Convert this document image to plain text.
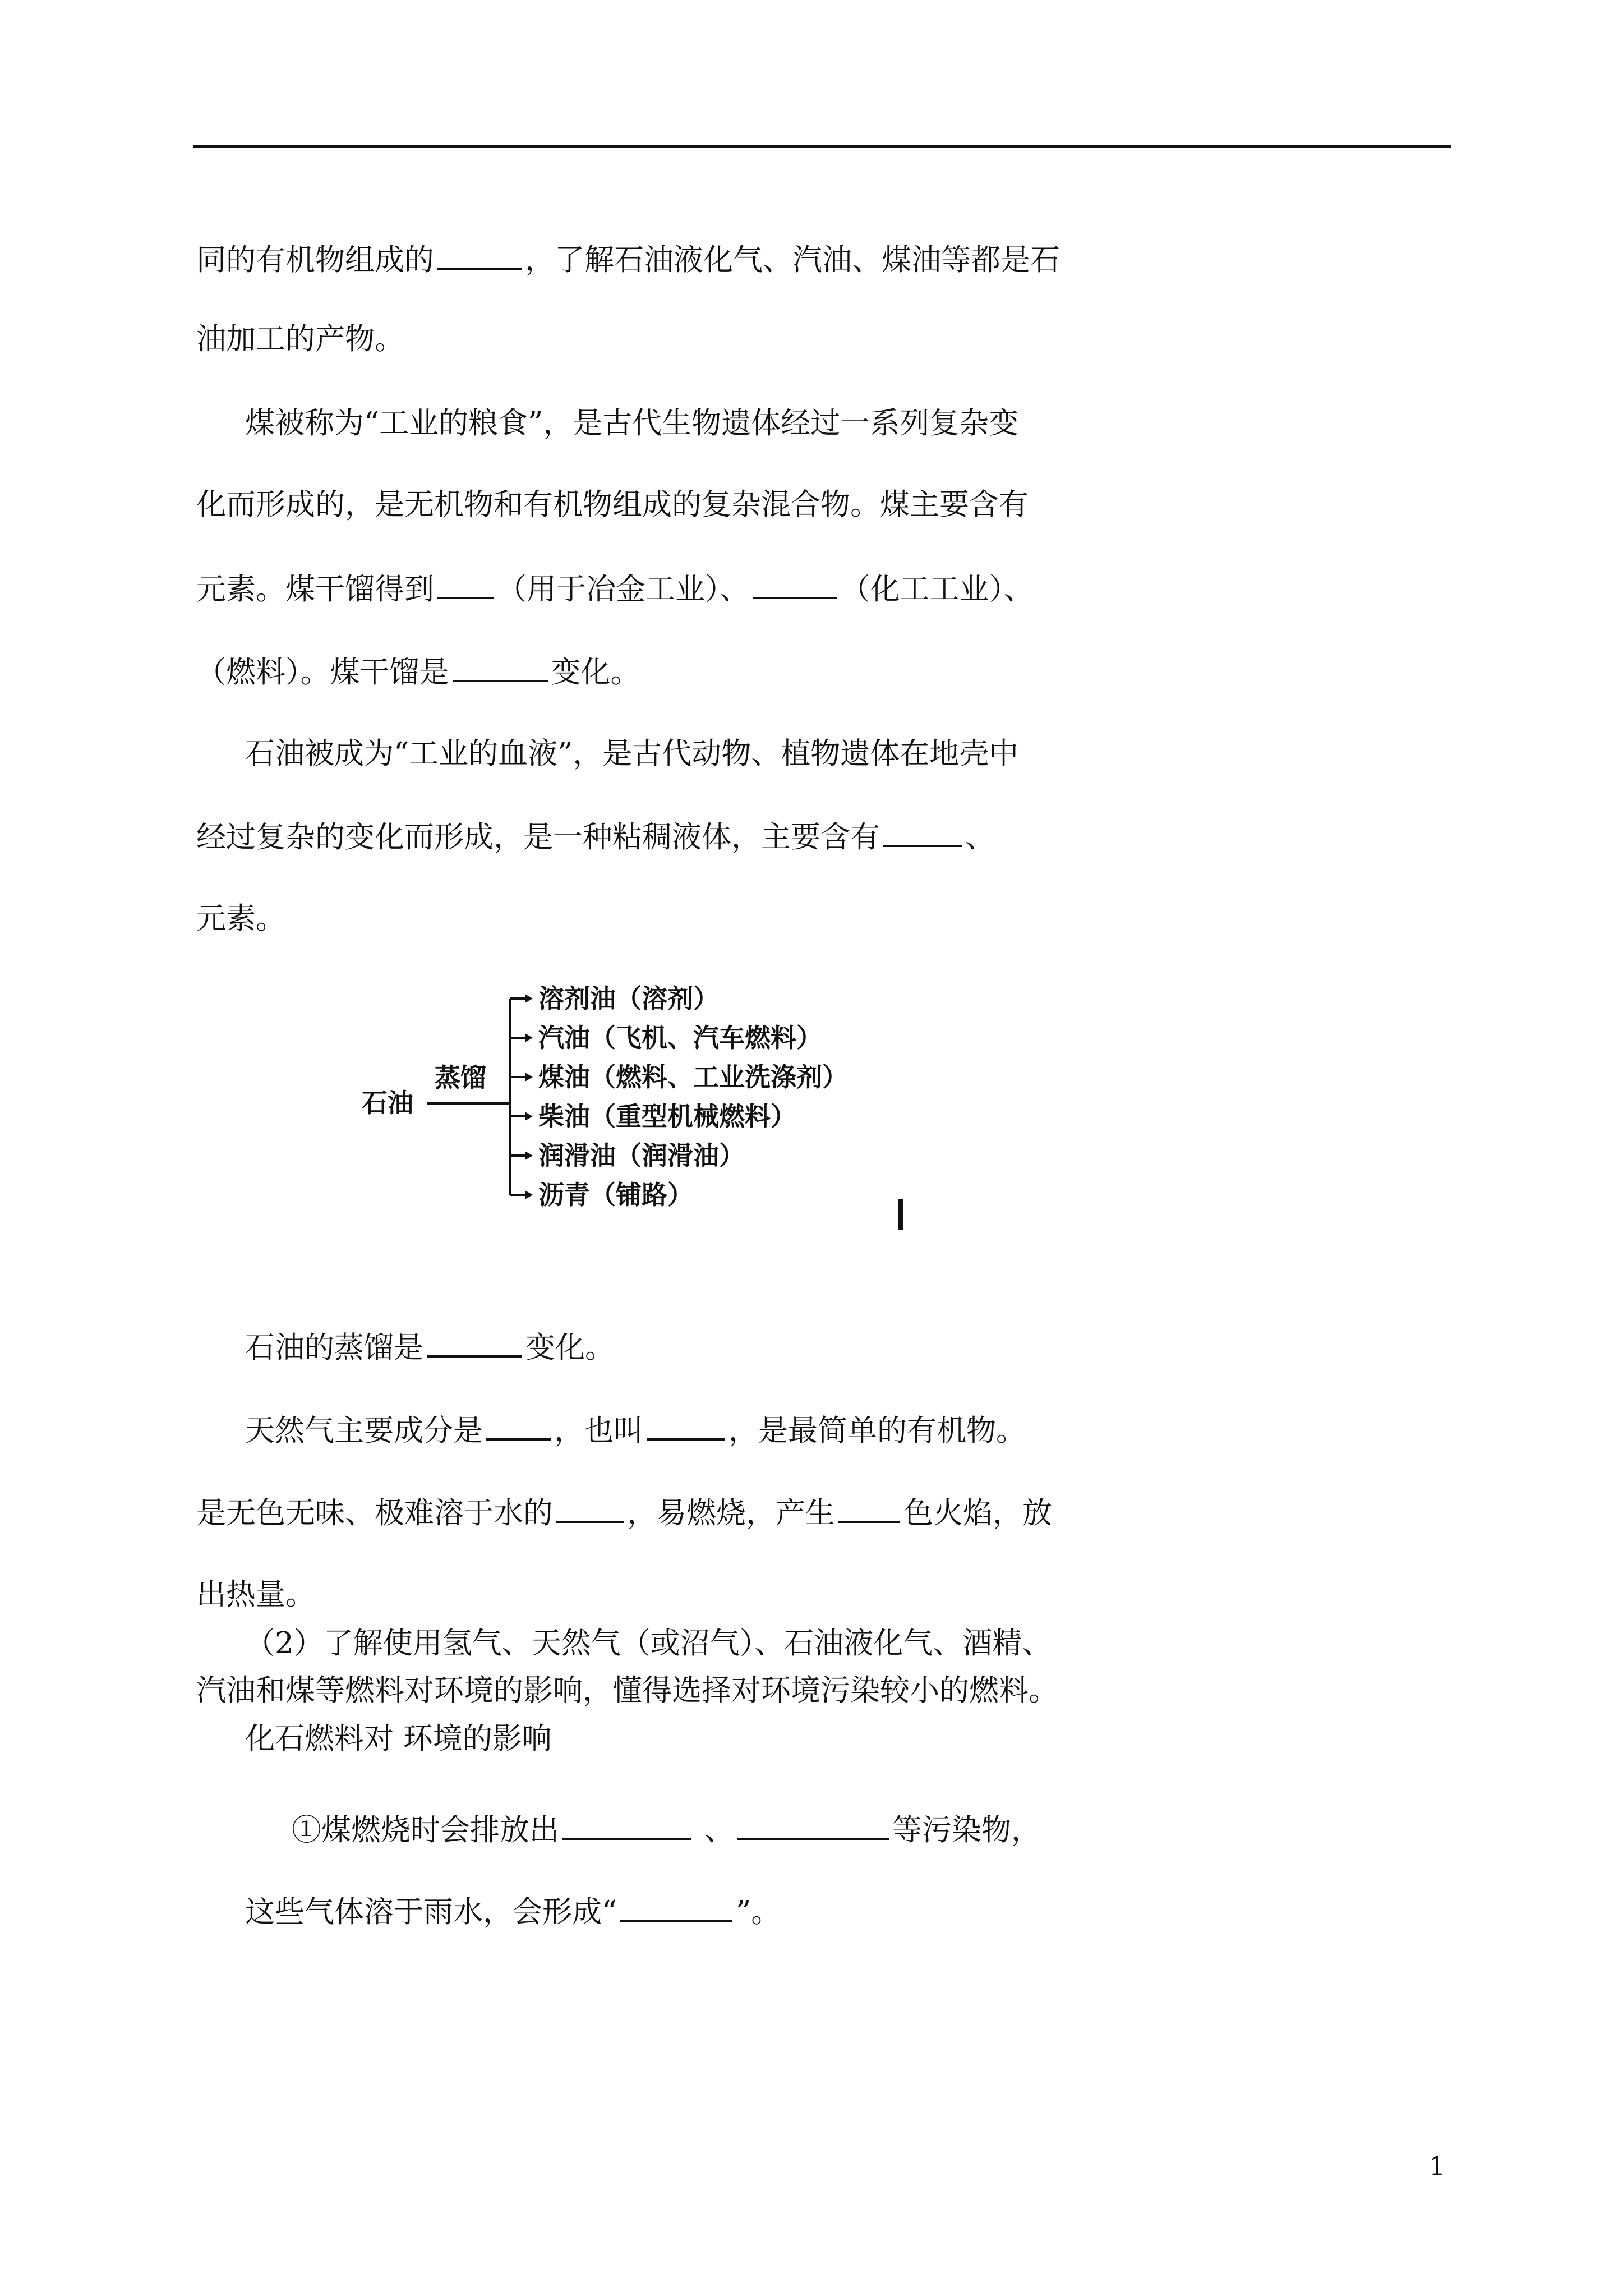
同的有机物组成的	，了解石油液化气、汽油、煤油等都是石
油加工的产物。
煤被称为“工业的粮食”，是古代生物遗体经过一系列复杂变
化而形成的，是无机物和有机物组成的复杂混合物。煤主要含有
元素。煤干馏得到 （用于冶金工业）、	（化工工业）、
（燃料）。煤干馏是	变化。
石油被成为“工业的血液”，是古代动物、植物遗体在地壳中
经过复杂的变化而形成，是一种粘稠液体，主要含有	、
元素。
石油
蒸馏
溶剂油（溶剂）
汽油（飞机、汽车燃料）
煤油（燃料、工业洗涤剂）
柴油（重型机械燃料）
润滑油（润滑油）
沥青（铺路）
石油的蒸馏是	变化。
天然气主要成分是 ，也叫	，是最简单的有机物。
是无色无味、极难溶于水的 ，易燃烧，产生 色火焰，放
出热量。
（2）了解使用氢气、天然气（或沼气）、石油液化气、酒精、
汽油和煤等燃料对环境的影响，懂得选择对环境污染较小的燃料。
化石燃料对 环境的影响
①煤燃烧时会排放出	、	等污染物，
这些气体溶于雨水，会形成“	”。
1
